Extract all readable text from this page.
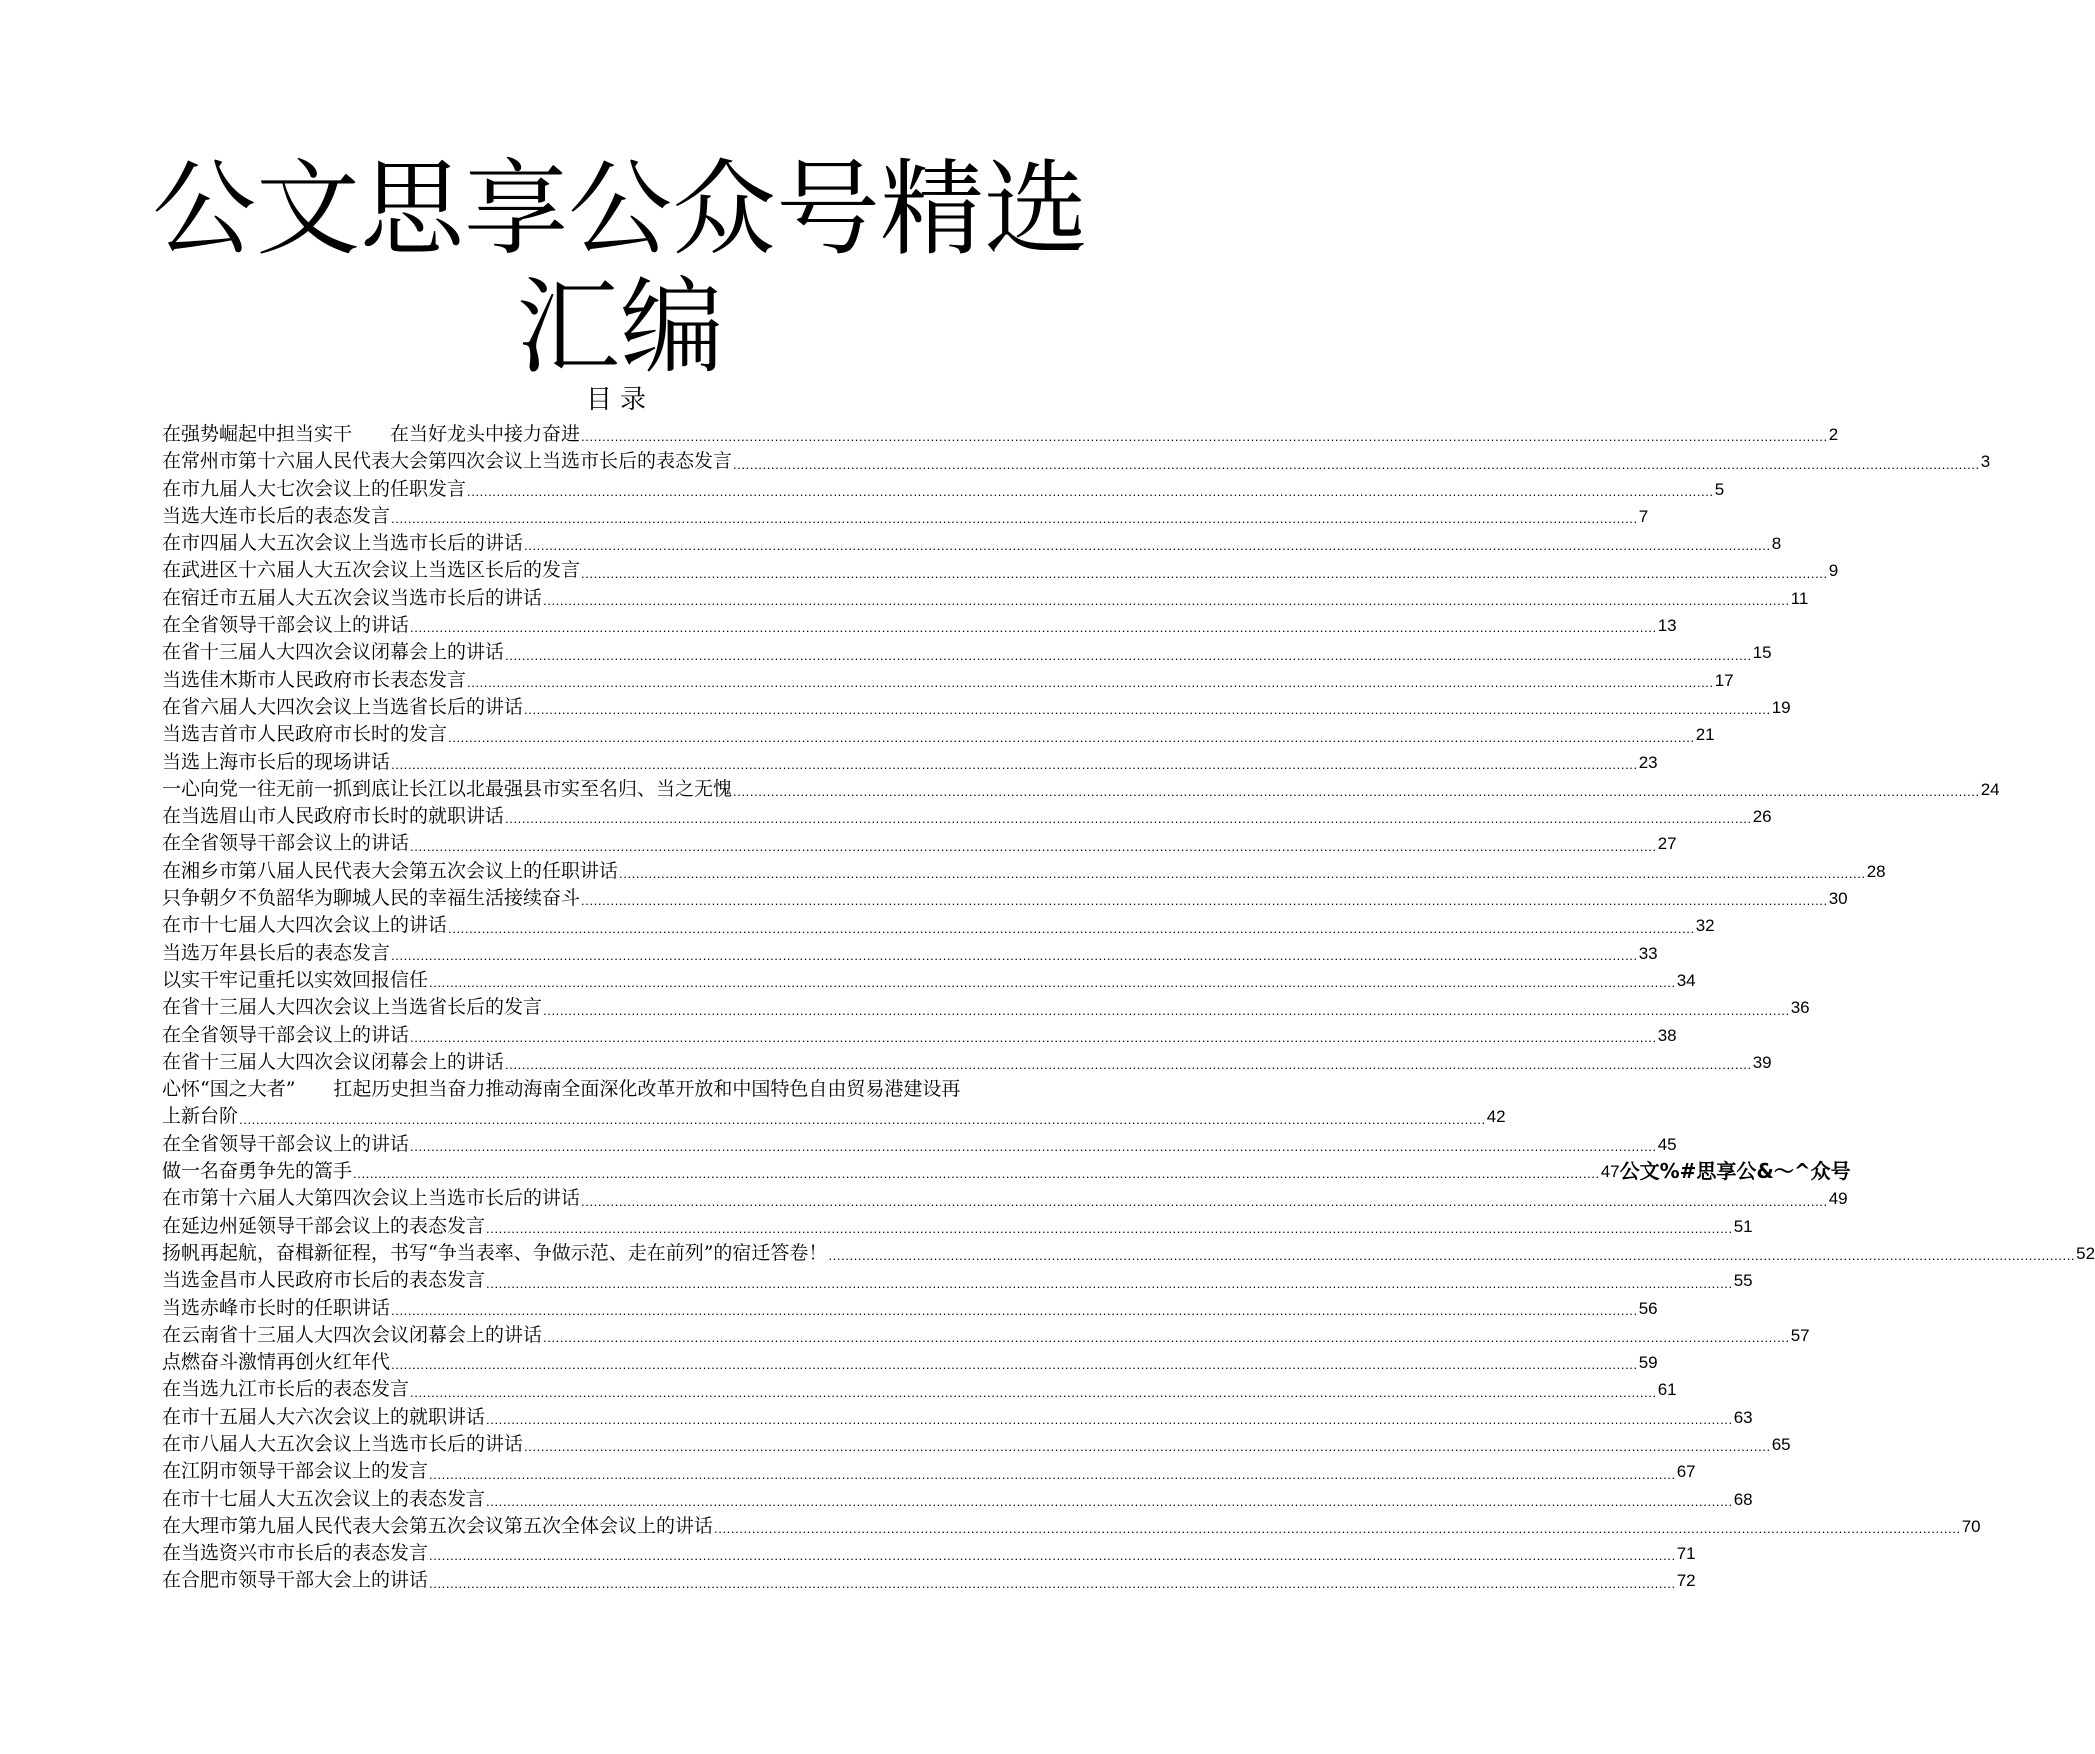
公文思享公众号精选汇编
目录
在强势崛起中担当实干　　在当好龙头中接力奋进 .....	2
在常州市第十六届人民代表大会第四次会议上当选市长后的表态发言 .....	3
在市九届人大七次会议上的任职发言 .....	5
当选大连市长后的表态发言 .....	7
在市四届人大五次会议上当选市长后的讲话 .....	8
在武进区十六届人大五次会议上当选区长后的发言 .....	9
在宿迁市五届人大五次会议当选市长后的讲话 .....	11
在全省领导干部会议上的讲话 .....	13
在省十三届人大四次会议闭幕会上的讲话 .....	15
当选佳木斯市人民政府市长表态发言 .....	17
在省六届人大四次会议上当选省长后的讲话 .....	19
当选吉首市人民政府市长时的发言 .....	21
当选上海市长后的现场讲话 .....	23
一心向党一往无前一抓到底让长江以北最强县市实至名归、当之无愧 .....	24
在当选眉山市人民政府市长时的就职讲话 .....	26
在全省领导干部会议上的讲话 .....	27
在湘乡市第八届人民代表大会第五次会议上的任职讲话 .....	28
只争朝夕不负韶华为聊城人民的幸福生活接续奋斗 .....	30
在市十七届人大四次会议上的讲话 .....	32
当选万年县长后的表态发言 .....	33
以实干牢记重托以实效回报信任 .....	34
在省十三届人大四次会议上当选省长后的发言 .....	36
在全省领导干部会议上的讲话 .....	38
在省十三届人大四次会议闭幕会上的讲话 .....	39
心怀“国之大者”　　扛起历史担当奋力推动海南全面深化改革开放和中国特色自由贸易港建设再
上新台阶 .....	42
在全省领导干部会议上的讲话 .....	45
做一名奋勇争先的篙手 .....	47 公文%#思享公&～^众号
在市第十六届人大第四次会议上当选市长后的讲话 .....	49
在延边州延领导干部会议上的表态发言 .....	51
扬帆再起航，奋楫新征程，书写“争当表率、争做示范、走在前列”的宿迁答卷！ .....	52
当选金昌市人民政府市长后的表态发言 .....	55
当选赤峰市长时的任职讲话 .....	56
在云南省十三届人大四次会议闭幕会上的讲话 .....	57
点燃奋斗激情再创火红年代 .....	59
在当选九江市长后的表态发言 .....	61
在市十五届人大六次会议上的就职讲话 .....	63
在市八届人大五次会议上当选市长后的讲话 .....	65
在江阴市领导干部会议上的发言 .....	67
在市十七届人大五次会议上的表态发言 .....	68
在大理市第九届人民代表大会第五次会议第五次全体会议上的讲话 .....	70
在当选资兴市市长后的表态发言 .....	71
在合肥市领导干部大会上的讲话 .....	72
